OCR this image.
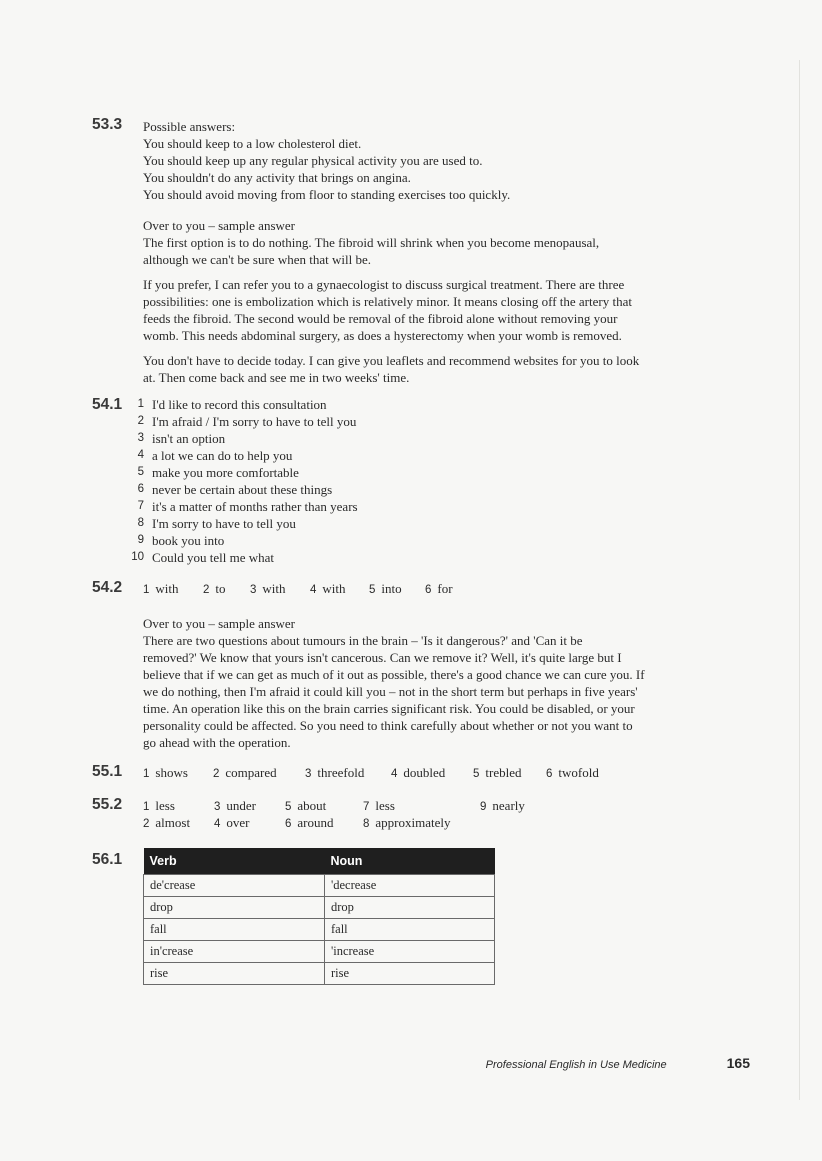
53.3	Possible answers:
You should keep to a low cholesterol diet.
You should keep up any regular physical activity you are used to.
You shouldn't do any activity that brings on angina.
You should avoid moving from floor to standing exercises too quickly.
Over to you – sample answer
The first option is to do nothing. The fibroid will shrink when you become menopausal,
although we can't be sure when that will be.
If you prefer, I can refer you to a gynaecologist to discuss surgical treatment. There are three
possibilities: one is embolization which is relatively minor. It means closing off the artery that
feeds the fibroid. The second would be removal of the fibroid alone without removing your
womb. This needs abdominal surgery, as does a hysterectomy when your womb is removed.
You don't have to decide today. I can give you leaflets and recommend websites for you to look
at. Then come back and see me in two weeks' time.
54.1	1 I'd like to record this consultation
2 I'm afraid / I'm sorry to have to tell you
3 isn't an option
4 a lot we can do to help you
5 make you more comfortable
6 never be certain about these things
7 it's a matter of months rather than years
8 I'm sorry to have to tell you
9 book you into
10 Could you tell me what
54.2	1 with 2 to 3 with 4 with 5 into 6 for
Over to you – sample answer
There are two questions about tumours in the brain – 'Is it dangerous?' and 'Can it be
removed?' We know that yours isn't cancerous. Can we remove it? Well, it's quite large but I
believe that if we can get as much of it out as possible, there's a good chance we can cure you. If
we do nothing, then I'm afraid it could kill you – not in the short term but perhaps in five years'
time. An operation like this on the brain carries significant risk. You could be disabled, or your
personality could be affected. So you need to think carefully about whether or not you want to
go ahead with the operation.
55.1	1 shows 2 compared 3 threefold 4 doubled 5 trebled 6 twofold
55.2	1 less
2 almost
3 under
4 over
5 about
6 around
7 less
8 approximately
9 nearly
56.1	Verb	Noun
de'crease	'decrease
drop	drop
fall	fall
in'crease	'increase
rise	rise
Professional English in Use Medicine	165
